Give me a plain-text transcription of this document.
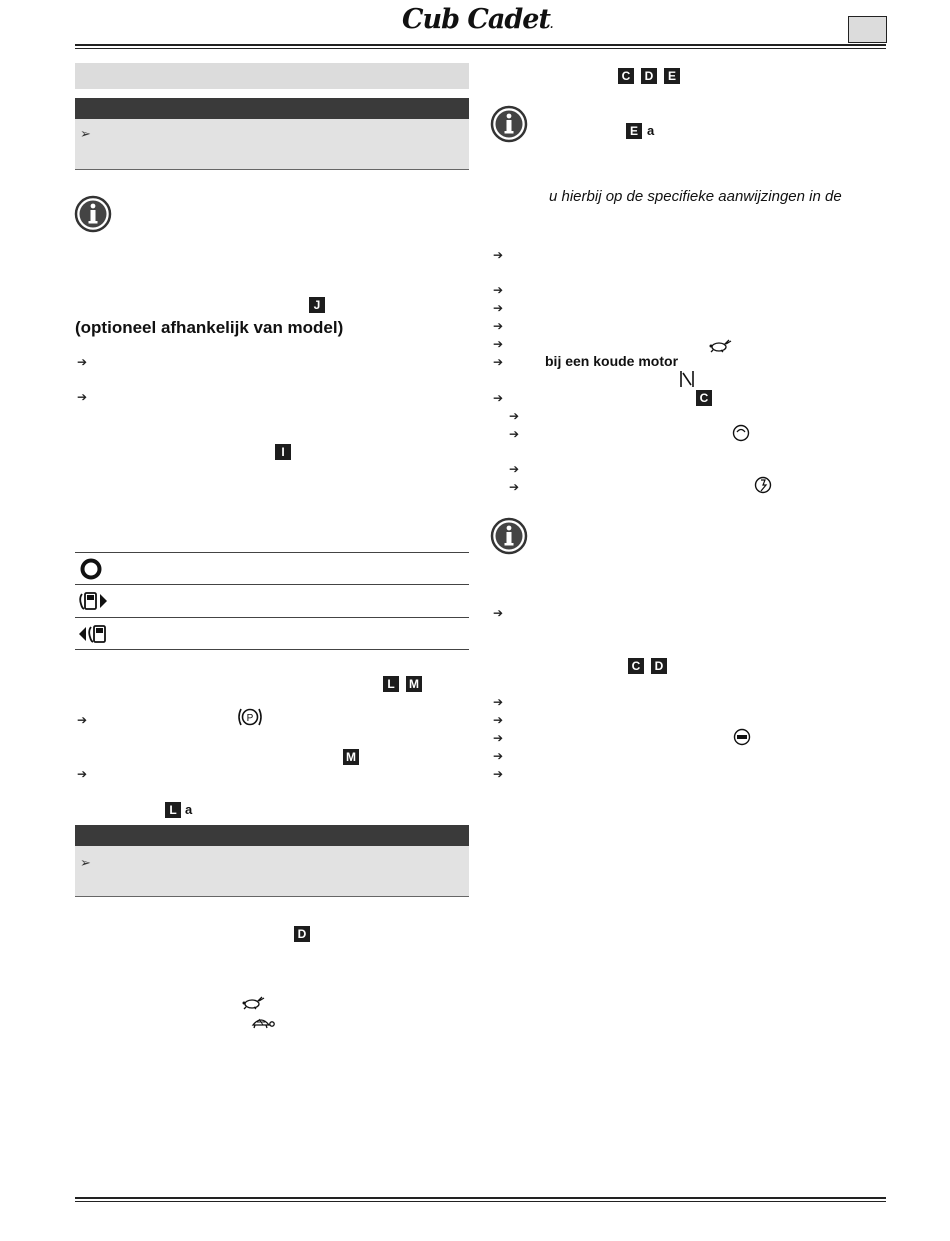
Cub Cadet.
➢
J
(optioneel afhankelijk van model)
➔
➔
I
L	M
➔	P
M
➔
L a
➢
D
C	D	E
E a
u hierbij op de specifieke aanwijzingen in de
➔
➔
➔
➔
➔
➔	bij een koude motor
➔	C
➔
➔
➔
➔
➔
C	D
➔
➔
➔
➔
➔
